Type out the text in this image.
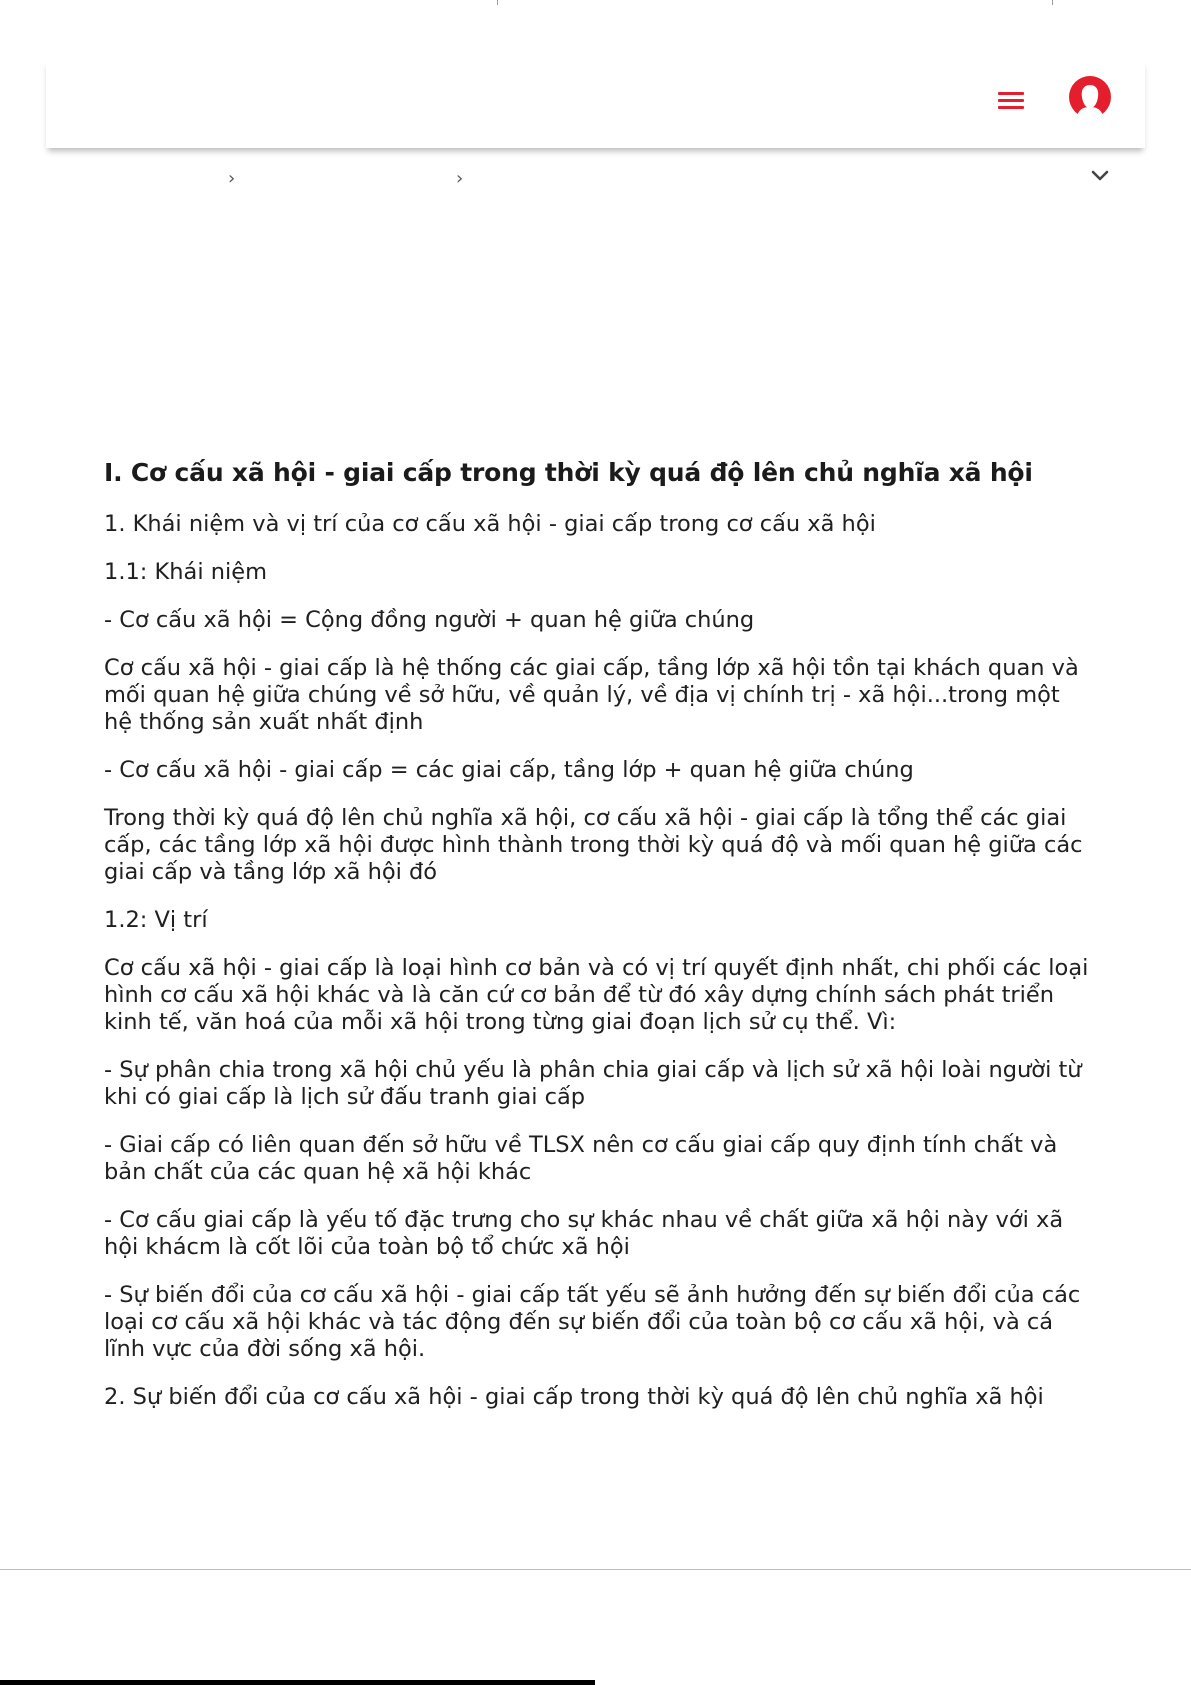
›	›
I. Cơ cấu xã hội - giai cấp trong thời kỳ quá độ lên chủ nghĩa xã hội

1. Khái niệm và vị trí của cơ cấu xã hội - giai cấp trong cơ cấu xã hội

1.1: Khái niệm

- Cơ cấu xã hội = Cộng đồng người + quan hệ giữa chúng

Cơ cấu xã hội - giai cấp là hệ thống các giai cấp, tầng lớp xã hội tồn tại khách quan và mối quan hệ giữa chúng về sở hữu, về quản lý, về địa vị chính trị - xã hội...trong một hệ thống sản xuất nhất định

- Cơ cấu xã hội - giai cấp = các giai cấp, tầng lớp + quan hệ giữa chúng

Trong thời kỳ quá độ lên chủ nghĩa xã hội, cơ cấu xã hội - giai cấp là tổng thể các giai cấp, các tầng lớp xã hội được hình thành trong thời kỳ quá độ và mối quan hệ giữa các giai cấp và tầng lớp xã hội đó

1.2: Vị trí

Cơ cấu xã hội - giai cấp là loại hình cơ bản và có vị trí quyết định nhất, chi phối các loại hình cơ cấu xã hội khác và là căn cứ cơ bản để từ đó xây dựng chính sách phát triển kinh tế, văn hoá của mỗi xã hội trong từng giai đoạn lịch sử cụ thể. Vì:

- Sự phân chia trong xã hội chủ yếu là phân chia giai cấp và lịch sử xã hội loài người từ khi có giai cấp là lịch sử đấu tranh giai cấp

- Giai cấp có liên quan đến sở hữu về TLSX nên cơ cấu giai cấp quy định tính chất và bản chất của các quan hệ xã hội khác

- Cơ cấu giai cấp là yếu tố đặc trưng cho sự khác nhau về chất giữa xã hội này với xã hội khácm là cốt lõi của toàn bộ tổ chức xã hội

- Sự biến đổi của cơ cấu xã hội - giai cấp tất yếu sẽ ảnh hưởng đến sự biến đổi của các loại cơ cấu xã hội khác và tác động đến sự biến đổi của toàn bộ cơ cấu xã hội, và cá lĩnh vực của đời sống xã hội.

2. Sự biến đổi của cơ cấu xã hội - giai cấp trong thời kỳ quá độ lên chủ nghĩa xã hội
